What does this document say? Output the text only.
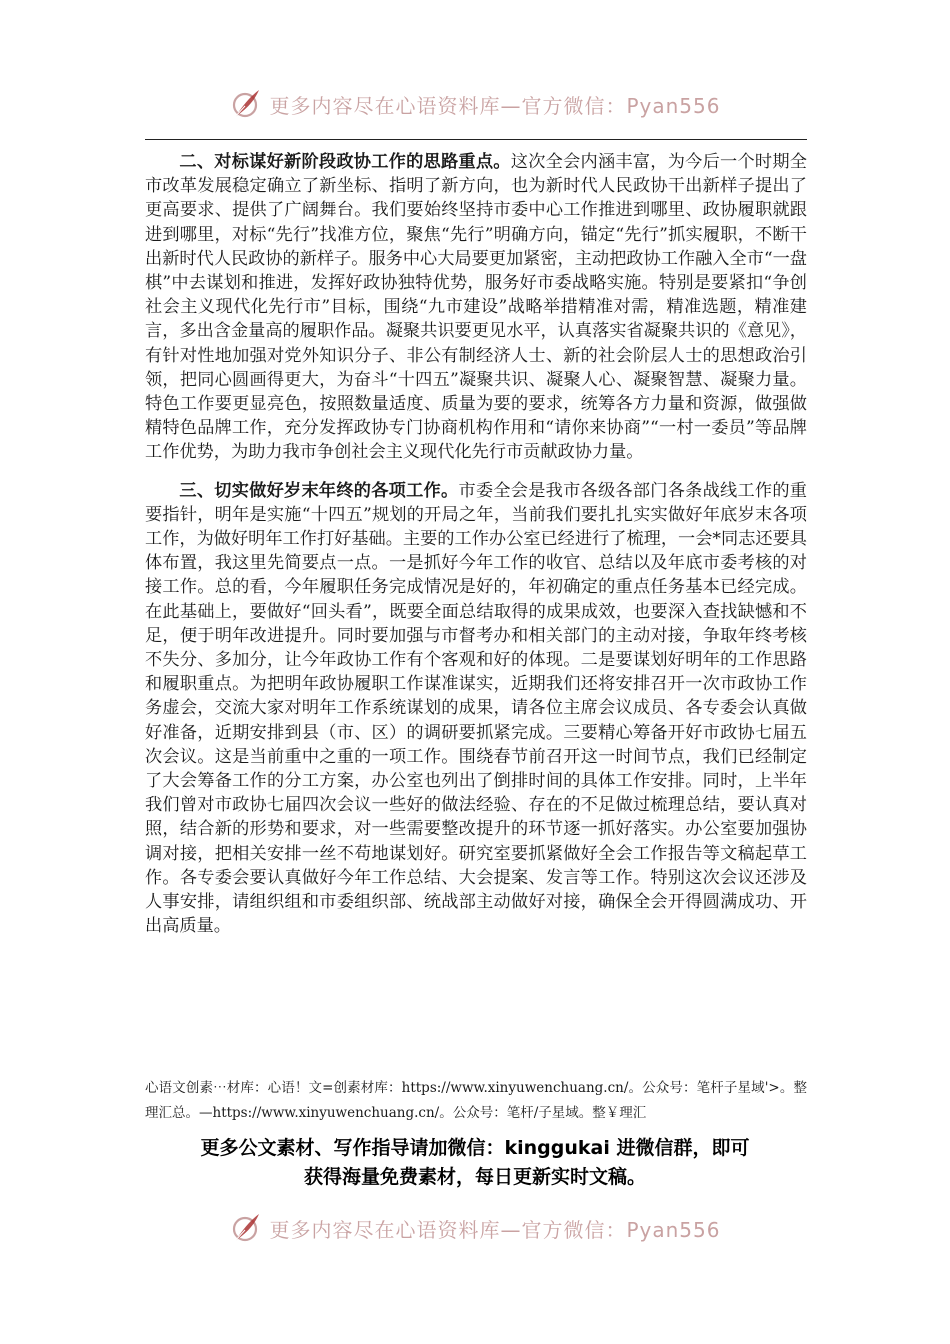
更多内容尽在心语资料库—官方微信：Pyan556

二、对标谋好新阶段政协工作的思路重点。这次全会内涵丰富，为今后一个时期全市改革发展稳定确立了新坐标、指明了新方向，也为新时代人民政协干出新样子提出了更高要求、提供了广阔舞台。我们要始终坚持市委中心工作推进到哪里、政协履职就跟进到哪里，对标“先行”找准方位，聚焦“先行”明确方向，锚定“先行”抓实履职，不断干出新时代人民政协的新样子。服务中心大局要更加紧密，主动把政协工作融入全市“一盘棋”中去谋划和推进，发挥好政协独特优势，服务好市委战略实施。特别是要紧扣“争创社会主义现代化先行市”目标，围绕“九市建设”战略举措精准对需，精准选题，精准建言，多出含金量高的履职作品。凝聚共识要更见水平，认真落实省凝聚共识的《意见》，有针对性地加强对党外知识分子、非公有制经济人士、新的社会阶层人士的思想政治引领，把同心圆画得更大，为奋斗“十四五”凝聚共识、凝聚人心、凝聚智慧、凝聚力量。特色工作要更显亮色，按照数量适度、质量为要的要求，统筹各方力量和资源，做强做精特色品牌工作，充分发挥政协专门协商机构作用和“请你来协商”“一村一委员”等品牌工作优势，为助力我市争创社会主义现代化先行市贡献政协力量。

三、切实做好岁末年终的各项工作。市委全会是我市各级各部门各条战线工作的重要指针，明年是实施“十四五”规划的开局之年，当前我们要扎扎实实做好年底岁末各项工作，为做好明年工作打好基础。主要的工作办公室已经进行了梳理，一会*同志还要具体布置，我这里先简要点一点。一是抓好今年工作的收官、总结以及年底市委考核的对接工作。总的看，今年履职任务完成情况是好的，年初确定的重点任务基本已经完成。在此基础上，要做好“回头看”，既要全面总结取得的成果成效，也要深入查找缺憾和不足，便于明年改进提升。同时要加强与市督考办和相关部门的主动对接，争取年终考核不失分、多加分，让今年政协工作有个客观和好的体现。二是要谋划好明年的工作思路和履职重点。为把明年政协履职工作谋准谋实，近期我们还将安排召开一次市政协工作务虚会，交流大家对明年工作系统谋划的成果，请各位主席会议成员、各专委会认真做好准备，近期安排到县（市、区）的调研要抓紧完成。三要精心筹备开好市政协七届五次会议。这是当前重中之重的一项工作。围绕春节前召开这一时间节点，我们已经制定了大会筹备工作的分工方案，办公室也列出了倒排时间的具体工作安排。同时，上半年我们曾对市政协七届四次会议一些好的做法经验、存在的不足做过梳理总结，要认真对照，结合新的形势和要求，对一些需要整改提升的环节逐一抓好落实。办公室要加强协调对接，把相关安排一丝不苟地谋划好。研究室要抓紧做好全会工作报告等文稿起草工作。各专委会要认真做好今年工作总结、大会提案、发言等工作。特别这次会议还涉及人事安排，请组织组和市委组织部、统战部主动做好对接，确保全会开得圆满成功、开出高质量。

心语文创素⋯材库：心语！文=创素材库：https://www.xinyuwenchuang.cn/。公众号：笔杆子星域'>。整理汇总。—https://www.xinyuwenchuang.cn/。公众号：笔杆/子星域。整￥理汇
更多公文素材、写作指导请加微信：kinggukai 进微信群，即可
获得海量免费素材，每日更新实时文稿。
更多内容尽在心语资料库—官方微信：Pyan556
